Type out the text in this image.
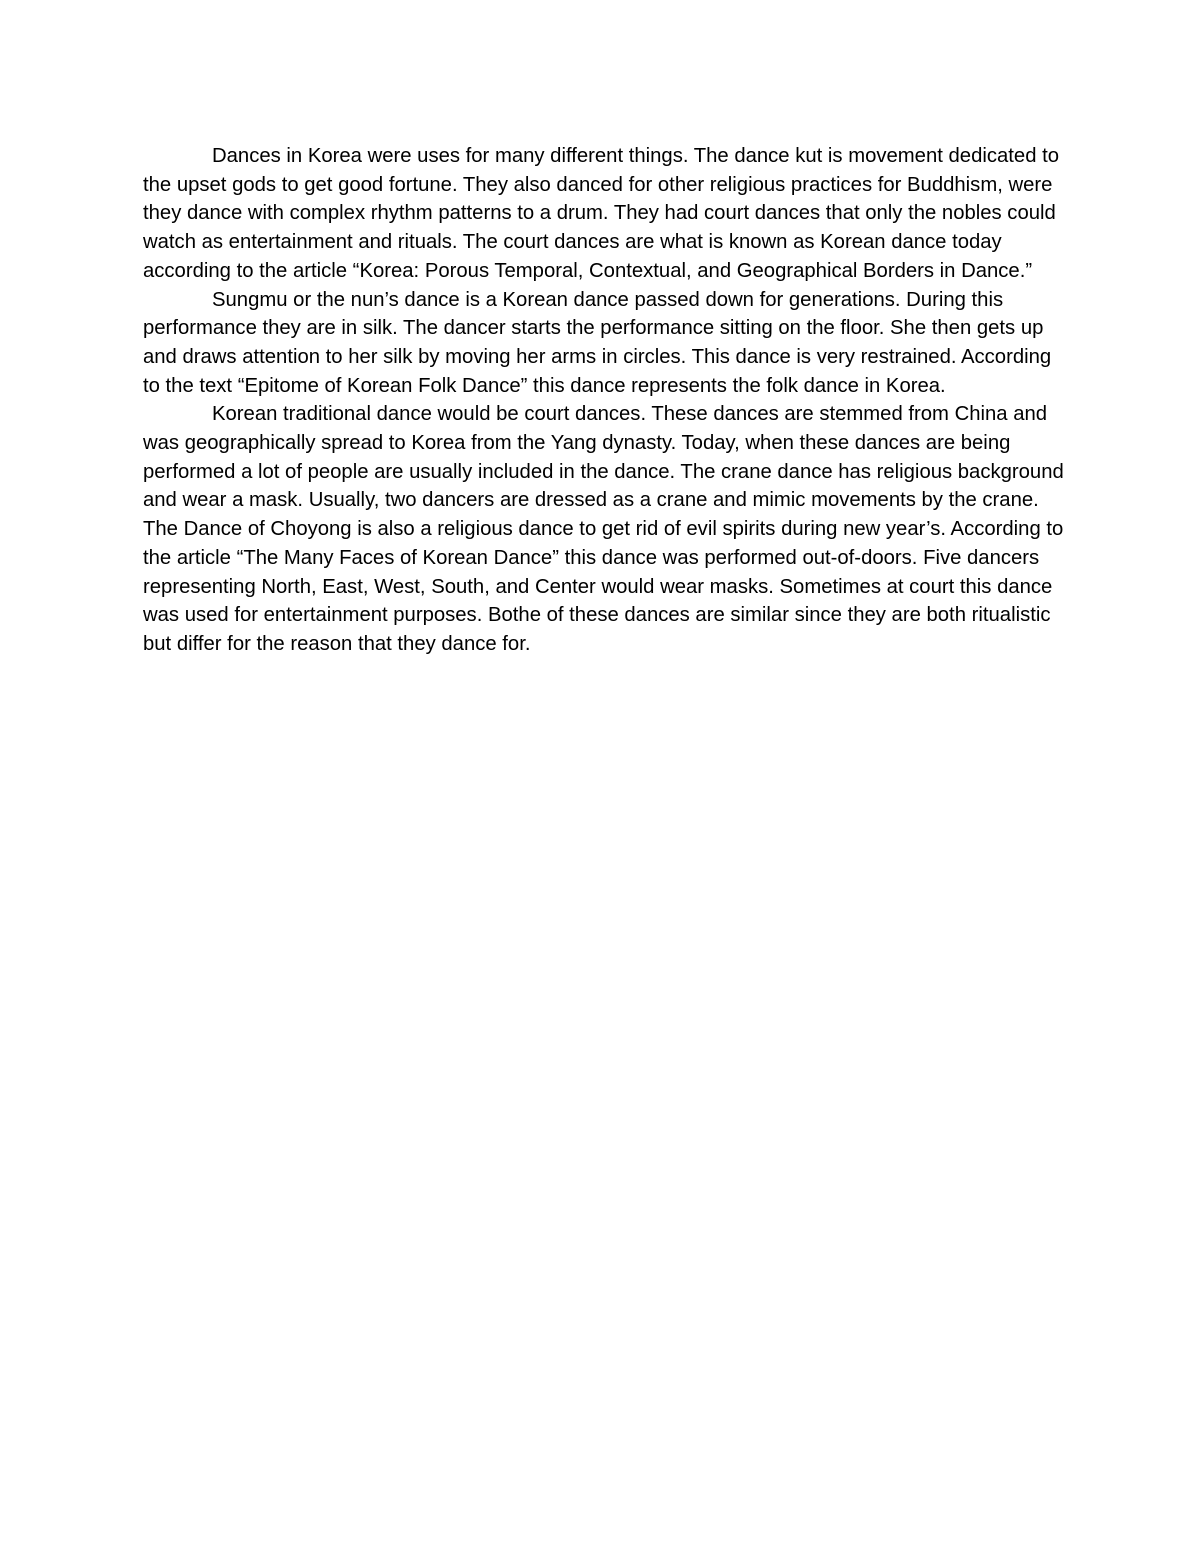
Dances in Korea were uses for many different things. The dance kut is movement dedicated to the upset gods to get good fortune. They also danced for other religious practices for Buddhism, were they dance with complex rhythm patterns to a drum. They had court dances that only the nobles could watch as entertainment and rituals. The court dances are what is known as Korean dance today according to the article “Korea: Porous Temporal, Contextual, and Geographical Borders in Dance.”

Sungmu or the nun’s dance is a Korean dance passed down for generations. During this performance they are in silk. The dancer starts the performance sitting on the floor. She then gets up and draws attention to her silk by moving her arms in circles. This dance is very restrained. According to the text “Epitome of Korean Folk Dance” this dance represents the folk dance in Korea.

Korean traditional dance would be court dances. These dances are stemmed from China and was geographically spread to Korea from the Yang dynasty. Today, when these dances are being performed a lot of people are usually included in the dance. The crane dance has religious background and wear a mask. Usually, two dancers are dressed as a crane and mimic movements by the crane. The Dance of Choyong is also a religious dance to get rid of evil spirits during new year’s. According to the article “The Many Faces of Korean Dance” this dance was performed out-of-doors. Five dancers representing North, East, West, South, and Center would wear masks. Sometimes at court this dance was used for entertainment purposes. Bothe of these dances are similar since they are both ritualistic but differ for the reason that they dance for.
